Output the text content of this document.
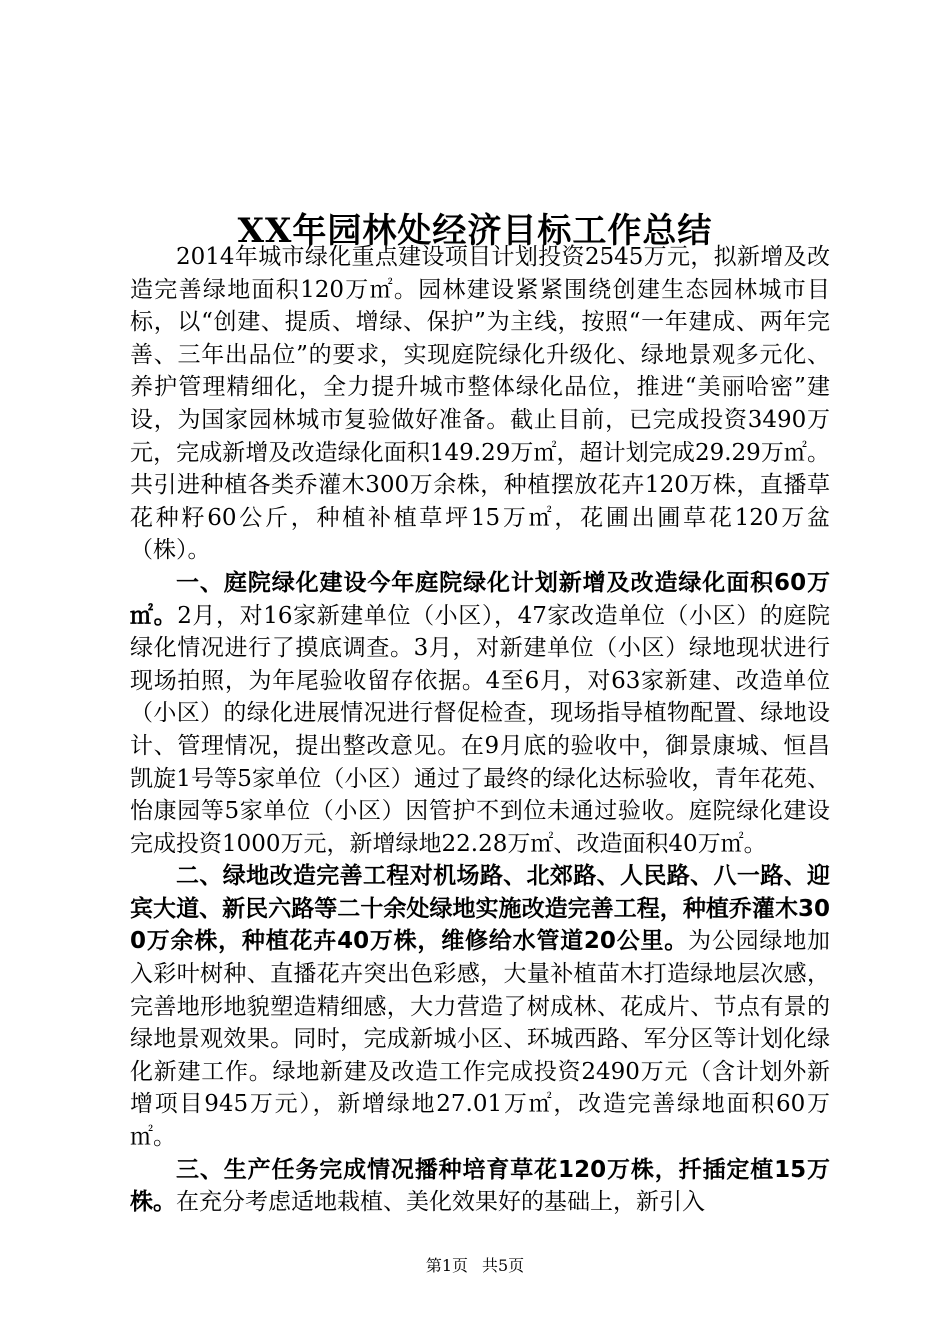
XX年园林处经济目标工作总结

2014年城市绿化重点建设项目计划投资2545万元，拟新增及改造完善绿地面积120万㎡。园林建设紧紧围绕创建生态园林城市目标，以“创建、提质、增绿、保护”为主线，按照“一年建成、两年完善、三年出品位”的要求，实现庭院绿化升级化、绿地景观多元化、养护管理精细化，全力提升城市整体绿化品位，推进“美丽哈密”建设，为国家园林城市复验做好准备。截止目前，已完成投资3490万元，完成新增及改造绿化面积149.29万㎡，超计划完成29.29万㎡。共引进种植各类乔灌木300万余株，种植摆放花卉120万株，直播草花种籽60公斤，种植补植草坪15万㎡，花圃出圃草花120万盆（株）。

一、庭院绿化建设今年庭院绿化计划新增及改造绿化面积60万㎡。2月，对16家新建单位（小区），47家改造单位（小区）的庭院绿化情况进行了摸底调查。3月，对新建单位（小区）绿地现状进行现场拍照，为年尾验收留存依据。4至6月，对63家新建、改造单位（小区）的绿化进展情况进行督促检查，现场指导植物配置、绿地设计、管理情况，提出整改意见。在9月底的验收中，御景康城、恒昌凯旋1号等5家单位（小区）通过了最终的绿化达标验收，青年花苑、怡康园等5家单位（小区）因管护不到位未通过验收。庭院绿化建设完成投资1000万元，新增绿地22.28万㎡、改造面积40万㎡。

二、绿地改造完善工程对机场路、北郊路、人民路、八一路、迎宾大道、新民六路等二十余处绿地实施改造完善工程，种植乔灌木300万余株，种植花卉40万株，维修给水管道20公里。为公园绿地加入彩叶树种、直播花卉突出色彩感，大量补植苗木打造绿地层次感，完善地形地貌塑造精细感，大力营造了树成林、花成片、节点有景的绿地景观效果。同时，完成新城小区、环城西路、军分区等计划化绿化新建工作。绿地新建及改造工作完成投资2490万元（含计划外新增项目945万元），新增绿地27.01万㎡，改造完善绿地面积60万㎡。

三、生产任务完成情况播种培育草花120万株，扦插定植15万株。在充分考虑适地栽植、美化效果好的基础上，新引入

第1页 共5页
